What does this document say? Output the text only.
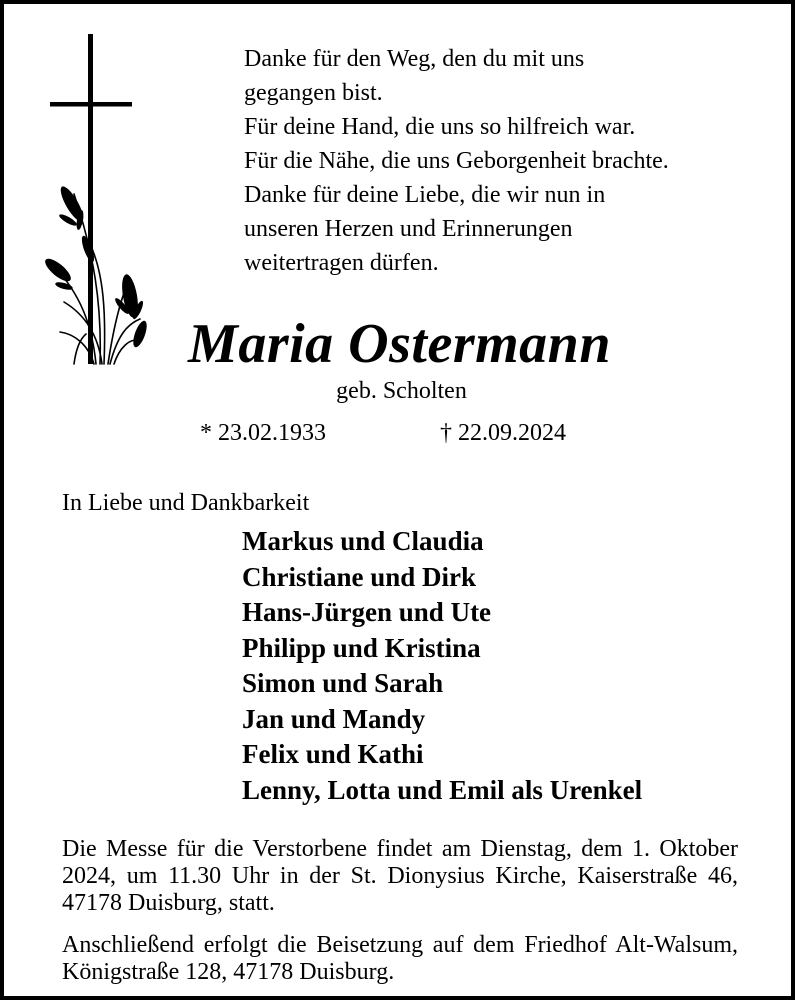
Danke für den Weg, den du mit uns
gegangen bist.
Für deine Hand, die uns so hilfreich war.
Für die Nähe, die uns Geborgenheit brachte.
Danke für deine Liebe, die wir nun in
unseren Herzen und Erinnerungen
weitertragen dürfen.
Maria Ostermann
geb. Scholten
* 23.02.1933	† 22.09.2024
In Liebe und Dankbarkeit
Markus und Claudia
Christiane und Dirk
Hans-Jürgen und Ute
Philipp und Kristina
Simon und Sarah
Jan und Mandy
Felix und Kathi
Lenny, Lotta und Emil als Urenkel
Die Messe für die Verstorbene findet am Dienstag, dem 1. Oktober 2024, um 11.30 Uhr in der St. Dionysius Kirche, Kaiserstraße 46, 47178 Duisburg, statt.
Anschließend erfolgt die Beisetzung auf dem Friedhof Alt-Walsum, Königstraße 128, 47178 Duisburg.
